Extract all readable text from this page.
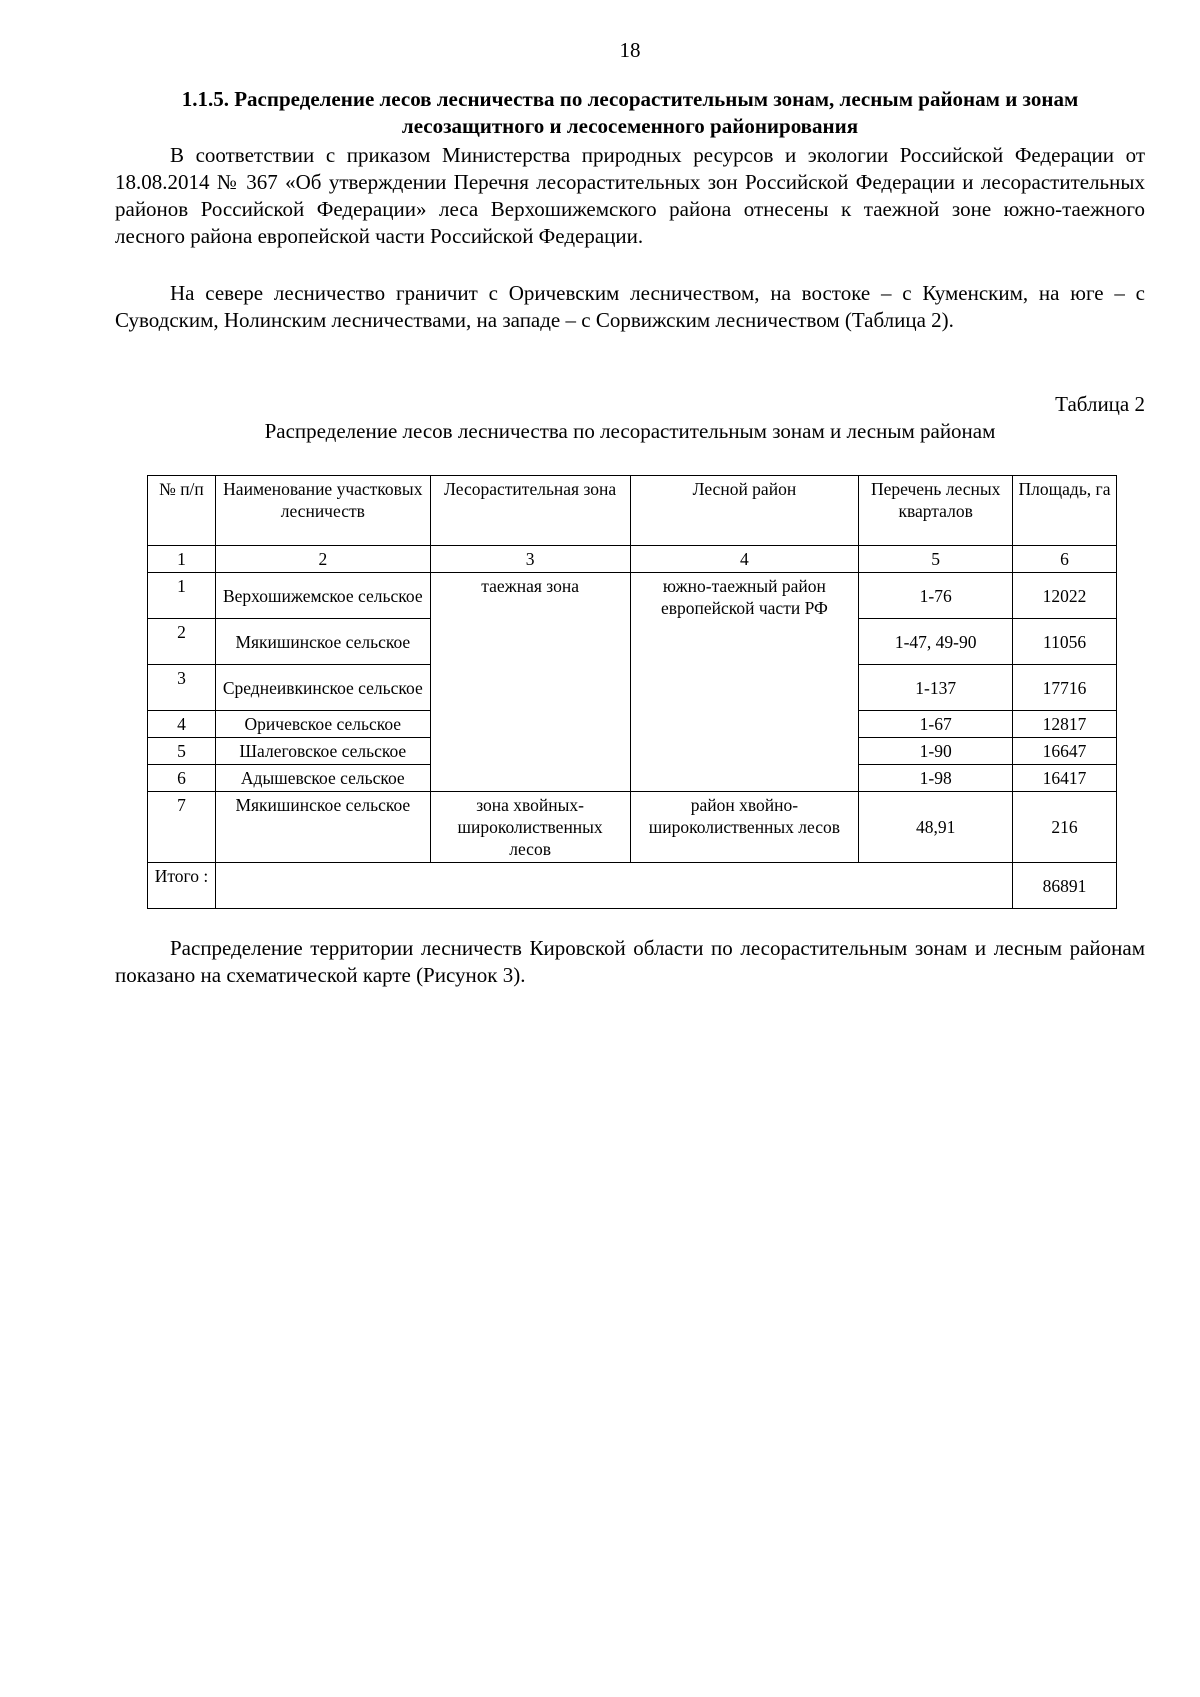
18
1.1.5. Распределение лесов лесничества по лесорастительным зонам, лесным районам и зонам лесозащитного и лесосеменного районирования

В соответствии с приказом Министерства природных ресурсов и экологии Российской Федерации от 18.08.2014 № 367 «Об утверждении Перечня лесорастительных зон Российской Федерации и лесорастительных районов Российской Федерации» леса Верхошижемского района отнесены к таежной зоне южно-таежного лесного района европейской части Российской Федерации.

На севере лесничество граничит с Оричевским лесничеством, на востоке – с Куменским, на юге – с Суводским, Нолинским лесничествами, на западе – с Сорвижским лесничеством (Таблица 2).

Таблица 2
Распределение лесов лесничества по лесорастительным зонам и лесным районам
№ п/п	Наименование участковых лесничеств	Лесорастительная зона	Лесной район	Перечень лесных кварталов	Площадь, га
1	2	3	4	5	6
1	Верхошижемское сельское	таежная зона	южно-таежный район европейской части РФ	1-76	12022
2	Мякишинское сельское			1-47, 49-90	11056
3	Среднеивкинское сельское			1-137	17716
4	Оричевское сельское			1-67	12817
5	Шалеговское сельское			1-90	16647
6	Адышевское сельское			1-98	16417
7	Мякишинское сельское	зона хвойных-широколиственных лесов	район хвойно-широколиственных лесов	48,91	216
Итого :					86891

Распределение территории лесничеств Кировской области по лесорастительным зонам и лесным районам показано на схематической карте (Рисунок 3).
